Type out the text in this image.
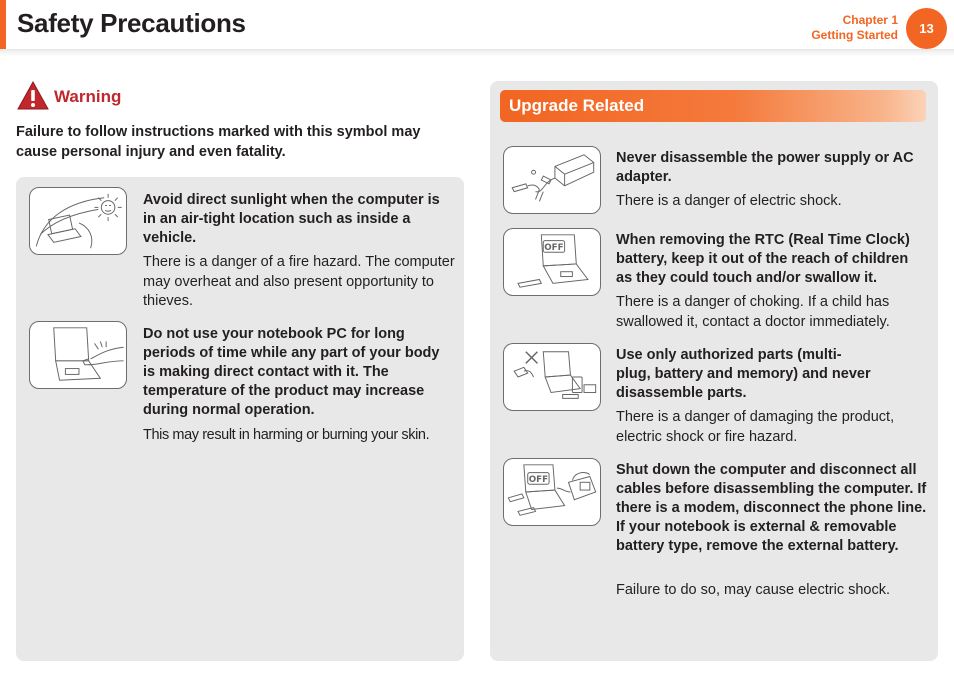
Safety Precautions	Chapter 1
Getting Started	13
Warning

Failure to follow instructions marked with this symbol may cause personal injury and even fatality.

Avoid direct sunlight when the computer is in an air-tight location such as inside a vehicle.
There is a danger of a fire hazard. The computer may overheat and also present opportunity to thieves.
Do not use your notebook PC for long periods of time while any part of your body is making direct contact with it. The temperature of the product may increase during normal operation.
This may result in harming or burning your skin.
Upgrade Related
Never disassemble the power supply or AC adapter.
There is a danger of electric shock.
OFF	When removing the RTC (Real Time Clock) battery, keep it out of the reach of children as they could touch and/or swallow it.
There is a danger of choking. If a child has swallowed it, contact a doctor immediately.
Use only authorized parts (multi-plug, battery and memory) and never disassemble parts.
There is a danger of damaging the product, electric shock or fire hazard.
OFF
Shut down the computer and disconnect all cables before disassembling the computer. If there is a modem, disconnect the phone line. If your notebook is external & removable battery type, remove the external battery.
Failure to do so, may cause electric shock.
